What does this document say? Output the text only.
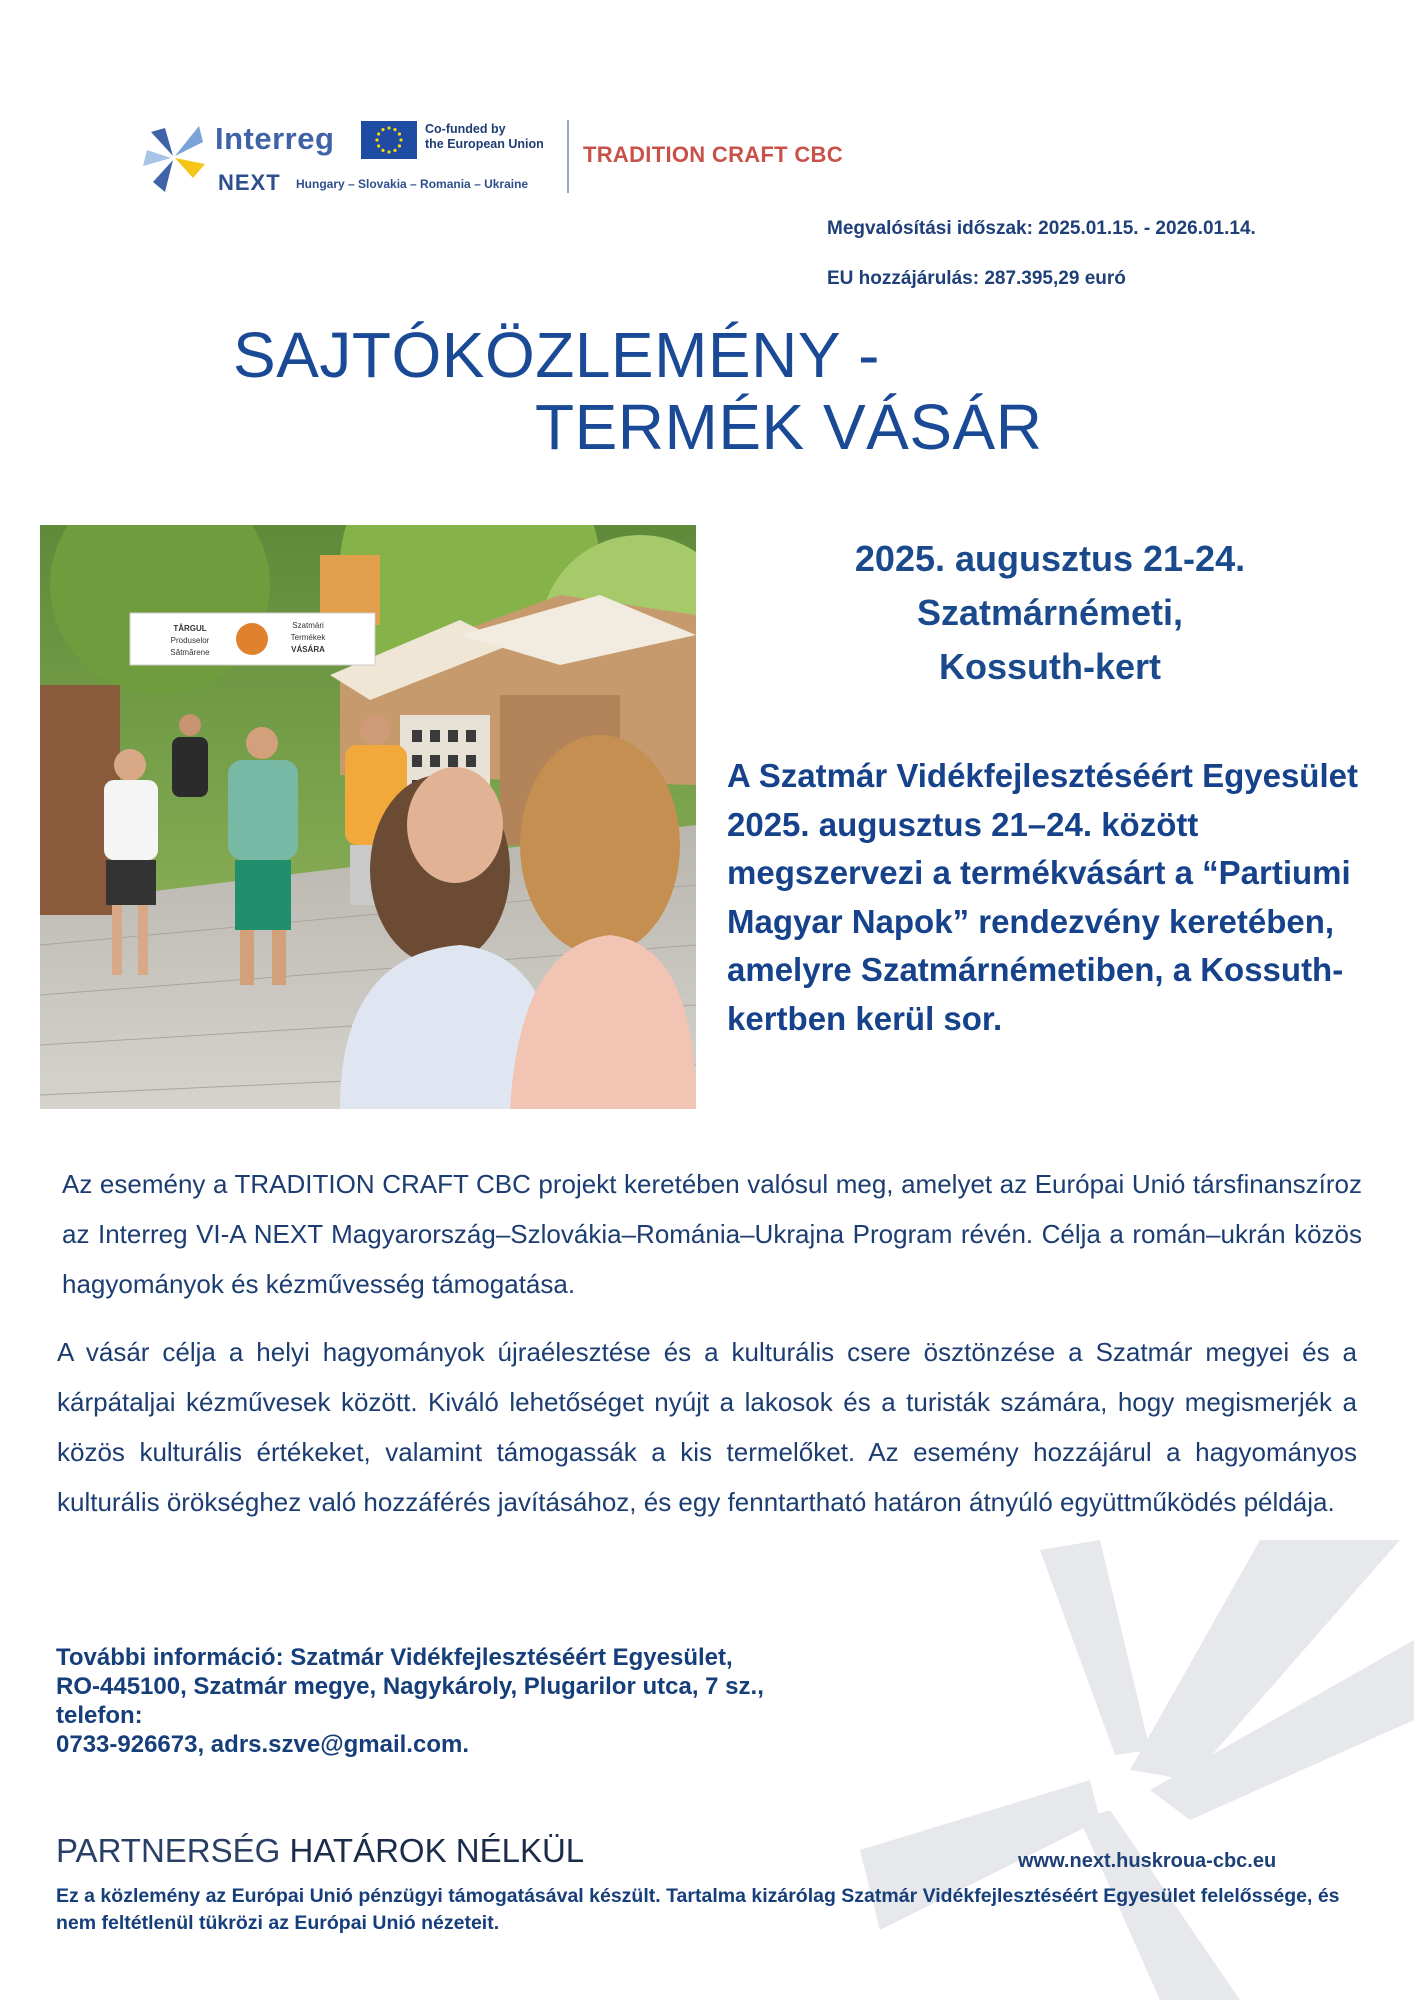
Interreg
NEXT Hungary – Slovakia – Romania – Ukraine
Co-funded by
the European Union TRADITION CRAFT CBC
Megvalósítási időszak: 2025.01.15. - 2026.01.14.
EU hozzájárulás: 287.395,29 euró
SAJTÓKÖZLEMÉNY -
TERMÉK VÁSÁR
TÂRGUL
Produselor
Sătmărene
Szatmári
Termékek
VÁSÁRA
2025. augusztus 21-24.
Szatmárnémeti,
Kossuth-kert
A Szatmár Vidékfejlesztéséért Egyesület 2025. augusztus 21–24. között megszervezi a termékvásárt a “Partiumi Magyar Napok” rendezvény keretében, amelyre Szatmárnémetiben, a Kossuth-kertben kerül sor.
Az esemény a TRADITION CRAFT CBC projekt keretében valósul meg, amelyet az Európai Unió társfinanszíroz az Interreg VI-A NEXT Magyarország–Szlovákia–Románia–Ukrajna Program révén. Célja a román–ukrán közös hagyományok és kézművesség támogatása.
A vásár célja a helyi hagyományok újraélesztése és a kulturális csere ösztönzése a Szatmár megyei és a kárpátaljai kézművesek között. Kiváló lehetőséget nyújt a lakosok és a turisták számára, hogy megismerjék a közös kulturális értékeket, valamint támogassák a kis termelőket. Az esemény hozzájárul a hagyományos kulturális örökséghez való hozzáférés javításához, és egy fenntartható határon átnyúló együttműködés példája.
További információ: Szatmár Vidékfejlesztéséért Egyesület,
RO-445100, Szatmár megye, Nagykároly, Plugarilor utca, 7 sz.,
telefon:
0733-926673, adrs.szve@gmail.com.
PARTNERSÉG HATÁROK NÉLKÜL	www.next.huskroua-cbc.eu
Ez a közlemény az Európai Unió pénzügyi támogatásával készült. Tartalma kizárólag Szatmár Vidékfejlesztéséért Egyesület felelőssége, és nem feltétlenül tükrözi az Európai Unió nézeteit.
